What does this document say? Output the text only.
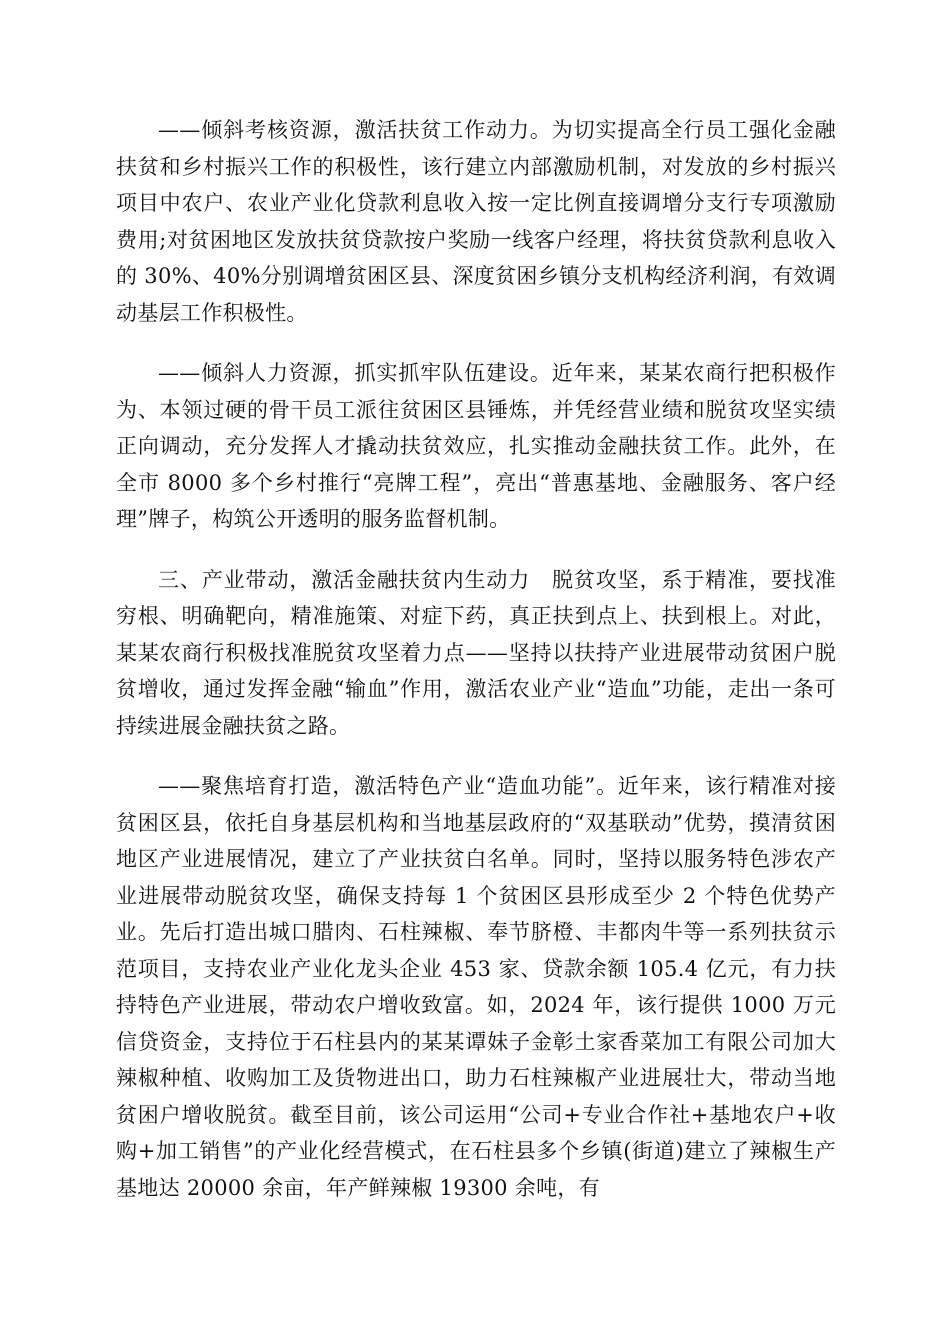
——倾斜考核资源，激活扶贫工作动力。为切实提高全行员工强化金融扶贫和乡村振兴工作的积极性，该行建立内部激励机制，对发放的乡村振兴项目中农户、农业产业化贷款利息收入按一定比例直接调增分支行专项激励费用;对贫困地区发放扶贫贷款按户奖励一线客户经理，将扶贫贷款利息收入的 30%、40%分别调增贫困区县、深度贫困乡镇分支机构经济利润，有效调动基层工作积极性。

——倾斜人力资源，抓实抓牢队伍建设。近年来，某某农商行把积极作为、本领过硬的骨干员工派往贫困区县锤炼，并凭经营业绩和脱贫攻坚实绩正向调动，充分发挥人才撬动扶贫效应，扎实推动金融扶贫工作。此外，在全市 8000 多个乡村推行“亮牌工程”，亮出“普惠基地、金融服务、客户经理”牌子，构筑公开透明的服务监督机制。

三、产业带动，激活金融扶贫内生动力　脱贫攻坚，系于精准，要找准穷根、明确靶向，精准施策、对症下药，真正扶到点上、扶到根上。对此，某某农商行积极找准脱贫攻坚着力点——坚持以扶持产业进展带动贫困户脱贫增收，通过发挥金融“输血”作用，激活农业产业“造血”功能，走出一条可持续进展金融扶贫之路。

——聚焦培育打造，激活特色产业“造血功能”。近年来，该行精准对接贫困区县，依托自身基层机构和当地基层政府的“双基联动”优势，摸清贫困地区产业进展情况，建立了产业扶贫白名单。同时，坚持以服务特色涉农产业进展带动脱贫攻坚，确保支持每 1 个贫困区县形成至少 2 个特色优势产业。先后打造出城口腊肉、石柱辣椒、奉节脐橙、丰都肉牛等一系列扶贫示范项目，支持农业产业化龙头企业 453 家、贷款余额 105.4 亿元，有力扶持特色产业进展，带动农户增收致富。如，2024 年，该行提供 1000 万元信贷资金，支持位于石柱县内的某某谭妹子金彰土家香菜加工有限公司加大辣椒种植、收购加工及货物进出口，助力石柱辣椒产业进展壮大，带动当地贫困户增收脱贫。截至目前，该公司运用“公司+专业合作社+基地农户+收购+加工销售”的产业化经营模式，在石柱县多个乡镇(街道)建立了辣椒生产基地达 20000 余亩，年产鲜辣椒 19300 余吨，有
